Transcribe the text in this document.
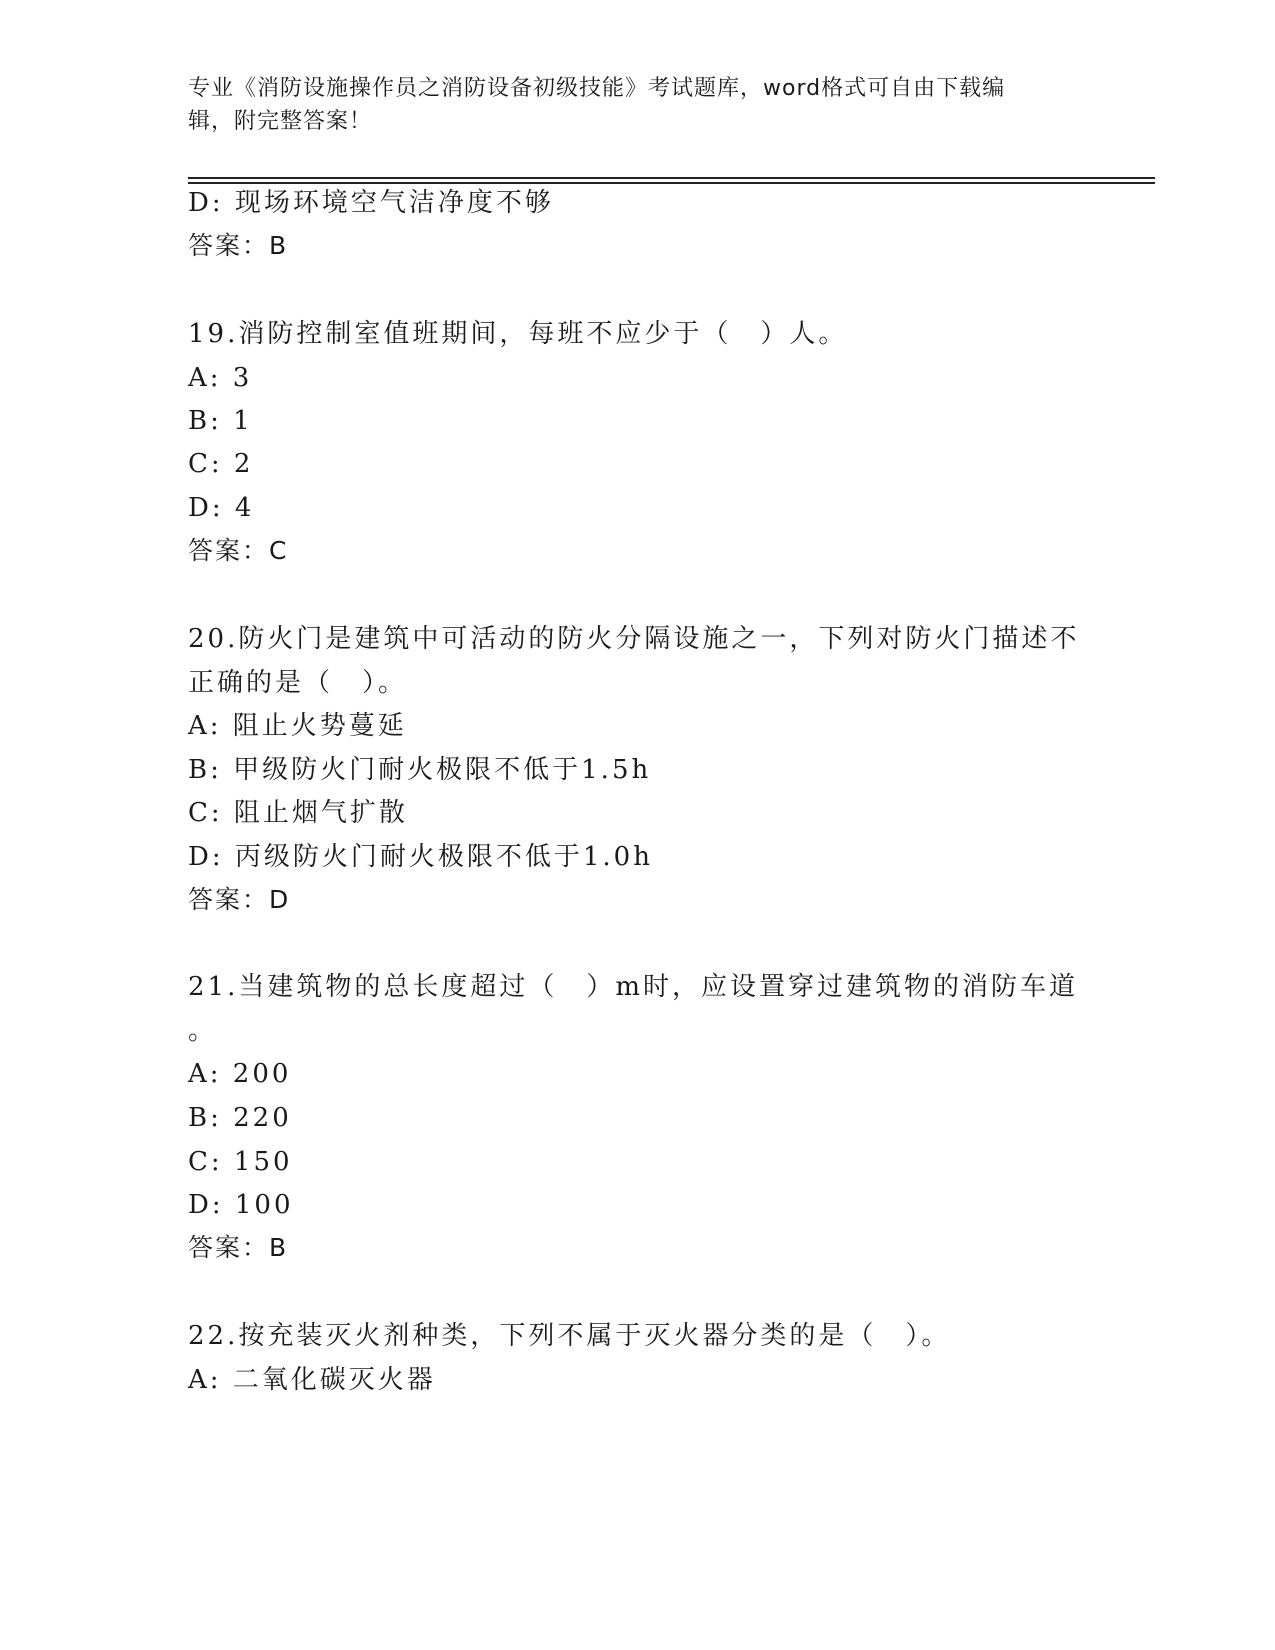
专业《消防设施操作员之消防设备初级技能》考试题库，word格式可自由下载编
辑，附完整答案！
D: 现场环境空气洁净度不够
答案：B
19.消防控制室值班期间，每班不应少于（　）人。
A: 3
B: 1
C: 2
D: 4
答案：C
20.防火门是建筑中可活动的防火分隔设施之一，下列对防火门描述不
正确的是（　）。
A: 阻止火势蔓延
B: 甲级防火门耐火极限不低于1.5h
C: 阻止烟气扩散
D: 丙级防火门耐火极限不低于1.0h
答案：D
21.当建筑物的总长度超过（　）m时，应设置穿过建筑物的消防车道
。
A: 200
B: 220
C: 150
D: 100
答案：B
22.按充装灭火剂种类，下列不属于灭火器分类的是（　）。
A: 二氧化碳灭火器
